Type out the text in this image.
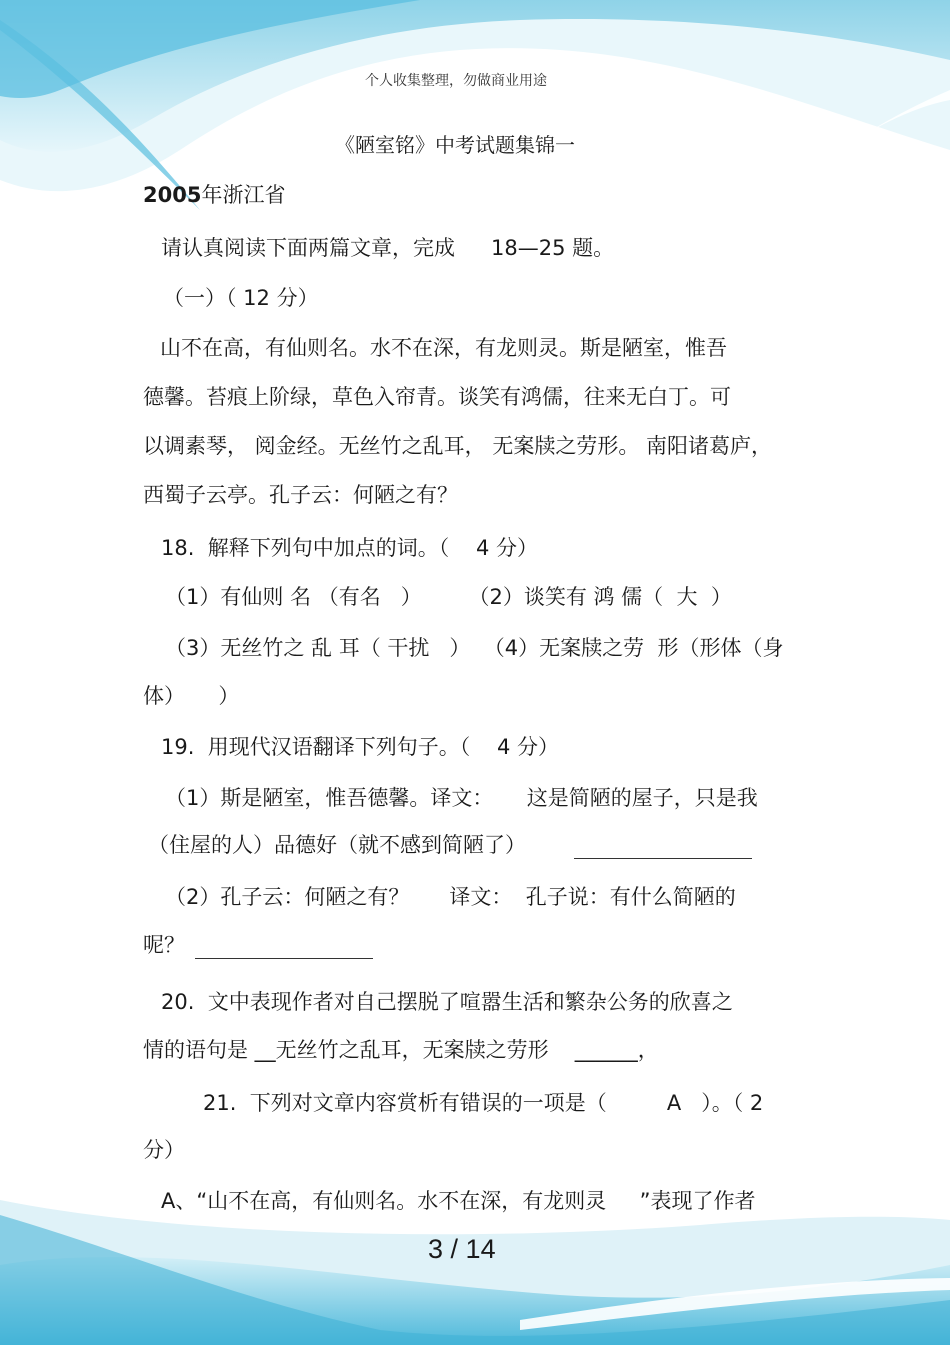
个人收集整理，勿做商业用途
《陋室铭》中考试题集锦一
2005年浙江省
请认真阅读下面两篇文章，完成 18—25 题。
（一）（ 12 分）
山不在高，有仙则名。水不在深，有龙则灵。斯是陋室，惟吾
德馨。苔痕上阶绿，草色入帘青。谈笑有鸿儒，往来无白丁。可
以调素琴， 阅金经。无丝竹之乱耳， 无案牍之劳形。 南阳诸葛庐，
西蜀子云亭。孔子云：何陋之有？
18.  解释下列句中加点的词。（    4 分）
（1）有仙则 名 （有名   ）       （2）谈笑有 鸿 儒（  大  ）
（3）无丝竹之 乱 耳（ 干扰   ）  （4）无案牍之劳  形（形体（身
体）     ）
19.  用现代汉语翻译下列句子。（    4 分）
（1）斯是陋室，惟吾德馨。译文：     这是简陋的屋子，只是我
（住屋的人）品德好（就不感到简陋了）
（2）孔子云：何陋之有？      译文：  孔子说：有什么简陋的
呢？
20.  文中表现作者对自己摆脱了喧嚣生活和繁杂公务的欣喜之
情的语句是 __无丝竹之乱耳，无案牍之劳形 ______，
21.  下列对文章内容赏析有错误的一项是（         A   ）。（ 2
分）
A、“山不在高，有仙则名。水不在深，有龙则灵     ”表现了作者
3 / 14
